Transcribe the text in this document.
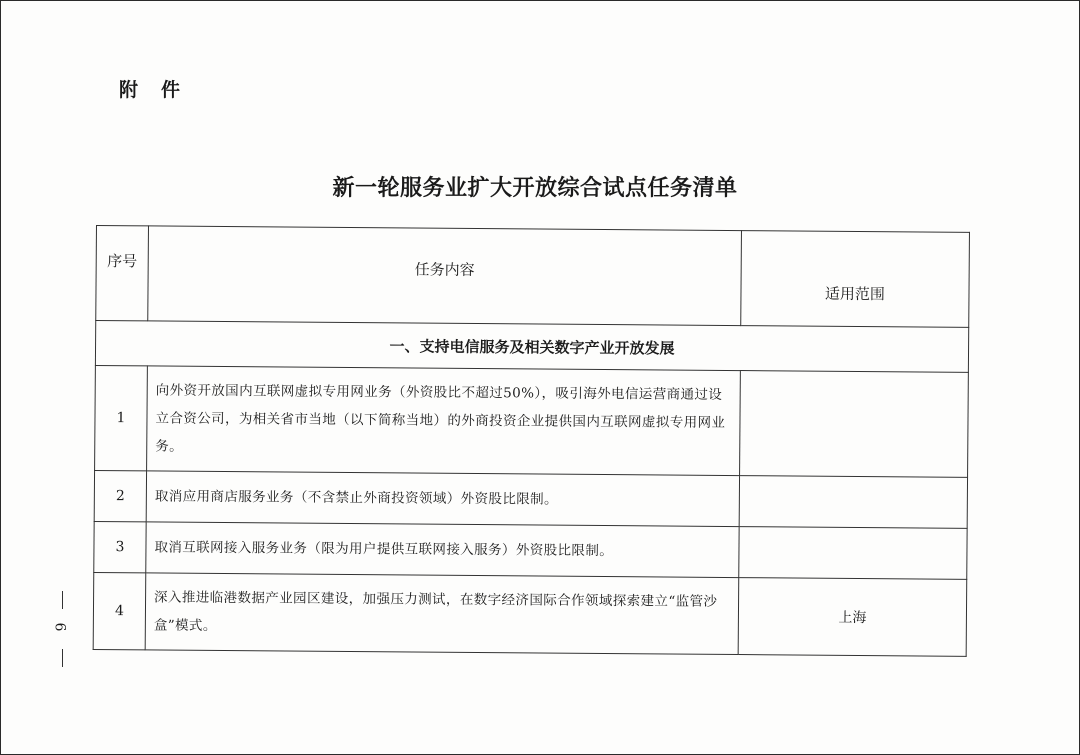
附　件
新一轮服务业扩大开放综合试点任务清单
序号	任务内容	适用范围
一、支持电信服务及相关数字产业开放发展		
1	向外资开放国内互联网虚拟专用网业务（外资股比不超过50%），吸引海外电信运营商通过设立合资公司，为相关省市当地（以下简称当地）的外商投资企业提供国内互联网虚拟专用网业务。	
2	取消应用商店服务业务（不含禁止外商投资领域）外资股比限制。	
3	取消互联网接入服务业务（限为用户提供互联网接入服务）外资股比限制。	
4	深入推进临港数据产业园区建设，加强压力测试，在数字经济国际合作领域探索建立“监管沙盒”模式。	上海
6
